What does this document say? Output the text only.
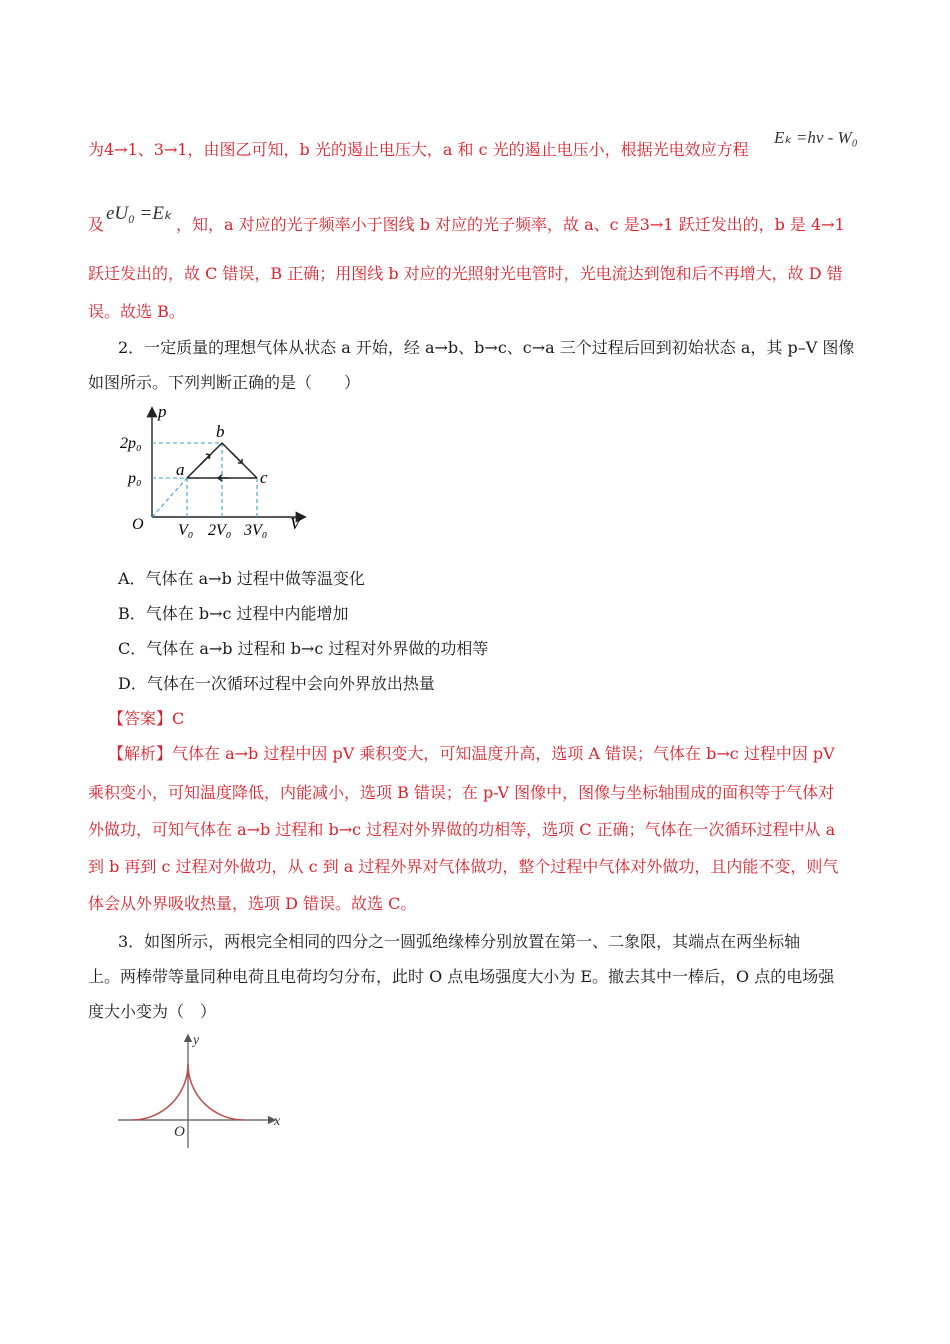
为4→1、3→1，由图乙可知，b 光的遏止电压大，a 和 c 光的遏止电压小，根据光电效应方程
Eₖ =hν - W₀
及
eU₀ =Eₖ
，知，a 对应的光子频率小于图线 b 对应的光子频率，故 a、c 是3→1 跃迁发出的，b 是 4→1
跃迁发出的，故 C 错误，B 正确；用图线 b 对应的光照射光电管时，光电流达到饱和后不再增大，故 D 错
误。故选 B。
2．一定质量的理想气体从状态 a 开始，经 a→b、b→c、c→a 三个过程后回到初始状态 a，其 p–V 图像
如图所示。下列判断正确的是（　　）
p
V
O
2p₀
p₀
V₀ 2V₀ 3V₀
a
b
c
A．气体在 a→b 过程中做等温变化
B．气体在 b→c 过程中内能增加
C．气体在 a→b 过程和 b→c 过程对外界做的功相等
D．气体在一次循环过程中会向外界放出热量
【答案】C
【解析】气体在 a→b 过程中因 pV 乘积变大，可知温度升高，选项 A 错误；气体在 b→c 过程中因 pV
乘积变小，可知温度降低，内能减小，选项 B 错误；在 p-V 图像中，图像与坐标轴围成的面积等于气体对
外做功，可知气体在 a→b 过程和 b→c 过程对外界做的功相等，选项 C 正确；气体在一次循环过程中从 a
到 b 再到 c 过程对外做功，从 c 到 a 过程外界对气体做功，整个过程中气体对外做功，且内能不变，则气
体会从外界吸收热量，选项 D 错误。故选 C。
3．如图所示，两根完全相同的四分之一圆弧绝缘棒分别放置在第一、二象限，其端点在两坐标轴
上。两棒带等量同种电荷且电荷均匀分布，此时 O 点电场强度大小为 E。撤去其中一棒后，O 点的电场强
度大小变为（　）
x
y
O
